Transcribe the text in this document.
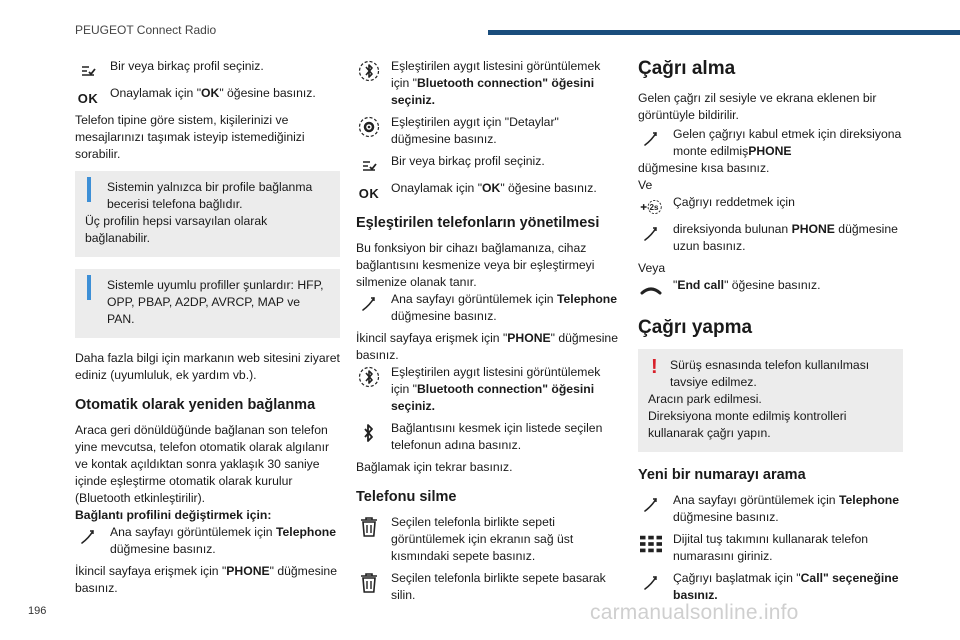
PEUGEOT Connect Radio
Bir veya birkaç profil seçiniz.
OK Onaylamak için "OK" öğesine basınız.

Telefon tipine göre sistem, kişilerinizi ve mesajlarınızı taşımak isteyip istemediğinizi sorabilir.

Sistemin yalnızca bir profile bağlanma becerisi telefona bağlıdır.
Üç profilin hepsi varsayılan olarak bağlanabilir.
Sistemle uyumlu profiller şunlardır: HFP, OPP, PBAP, A2DP, AVRCP, MAP ve PAN.

Daha fazla bilgi için markanın web sitesini ziyaret ediniz (uyumluluk, ek yardım vb.).

Otomatik olarak yeniden bağlanma

Araca geri dönüldüğünde bağlanan son telefon yine mevcutsa, telefon otomatik olarak algılanır ve kontak açıldıktan sonra yaklaşık 30 saniye içinde eşleştirme otomatik olarak kurulur (Bluetooth etkinleştirilir).

Bağlantı profilini değiştirmek için:
Ana sayfayı görüntülemek için Telephone düğmesine basınız.

İkincil sayfaya erişmek için "PHONE" düğmesine basınız.

Eşleştirilen aygıt listesini görüntülemek için "Bluetooth connection" öğesini seçiniz.
Eşleştirilen aygıt için "Detaylar" düğmesine basınız.
Bir veya birkaç profil seçiniz.
OK Onaylamak için "OK" öğesine basınız.
Eşleştirilen telefonların yönetilmesi

Bu fonksiyon bir cihazı bağlamanıza, cihaz bağlantısını kesmenize veya bir eşleştirmeyi silmenize olanak tanır.

Ana sayfayı görüntülemek için Telephone düğmesine basınız.

İkincil sayfaya erişmek için "PHONE" düğmesine basınız.

Eşleştirilen aygıt listesini görüntülemek için "Bluetooth connection" öğesini seçiniz.
Bağlantısını kesmek için listede seçilen telefonun adına basınız.

Bağlamak için tekrar basınız.

Telefonu silme
Seçilen telefonla birlikte sepeti görüntülemek için ekranın sağ üst kısmındaki sepete basınız.
Seçilen telefonla birlikte sepete basarak silin.
Çağrı alma

Gelen çağrı zil sesiyle ve ekrana eklenen bir görüntüyle bildirilir.

Gelen çağrıyı kabul etmek için direksiyona monte edilmişPHONE
düğmesine kısa basınız.
Ve
2s Çağrıyı reddetmek için
direksiyonda bulunan PHONE düğmesine uzun basınız.
Veya
"End call" öğesine basınız.
Çağrı yapma
!	Sürüş esnasında telefon kullanılması tavsiye edilmez.
Aracın park edilmesi.
Direksiyona monte edilmiş kontrolleri kullanarak çağrı yapın.
Yeni bir numarayı arama
Ana sayfayı görüntülemek için Telephone düğmesine basınız.
Dijital tuş takımını kullanarak telefon numarasını giriniz.
Çağrıyı başlatmak için "Call" seçeneğine basınız.
196	carmanualsonline.info
